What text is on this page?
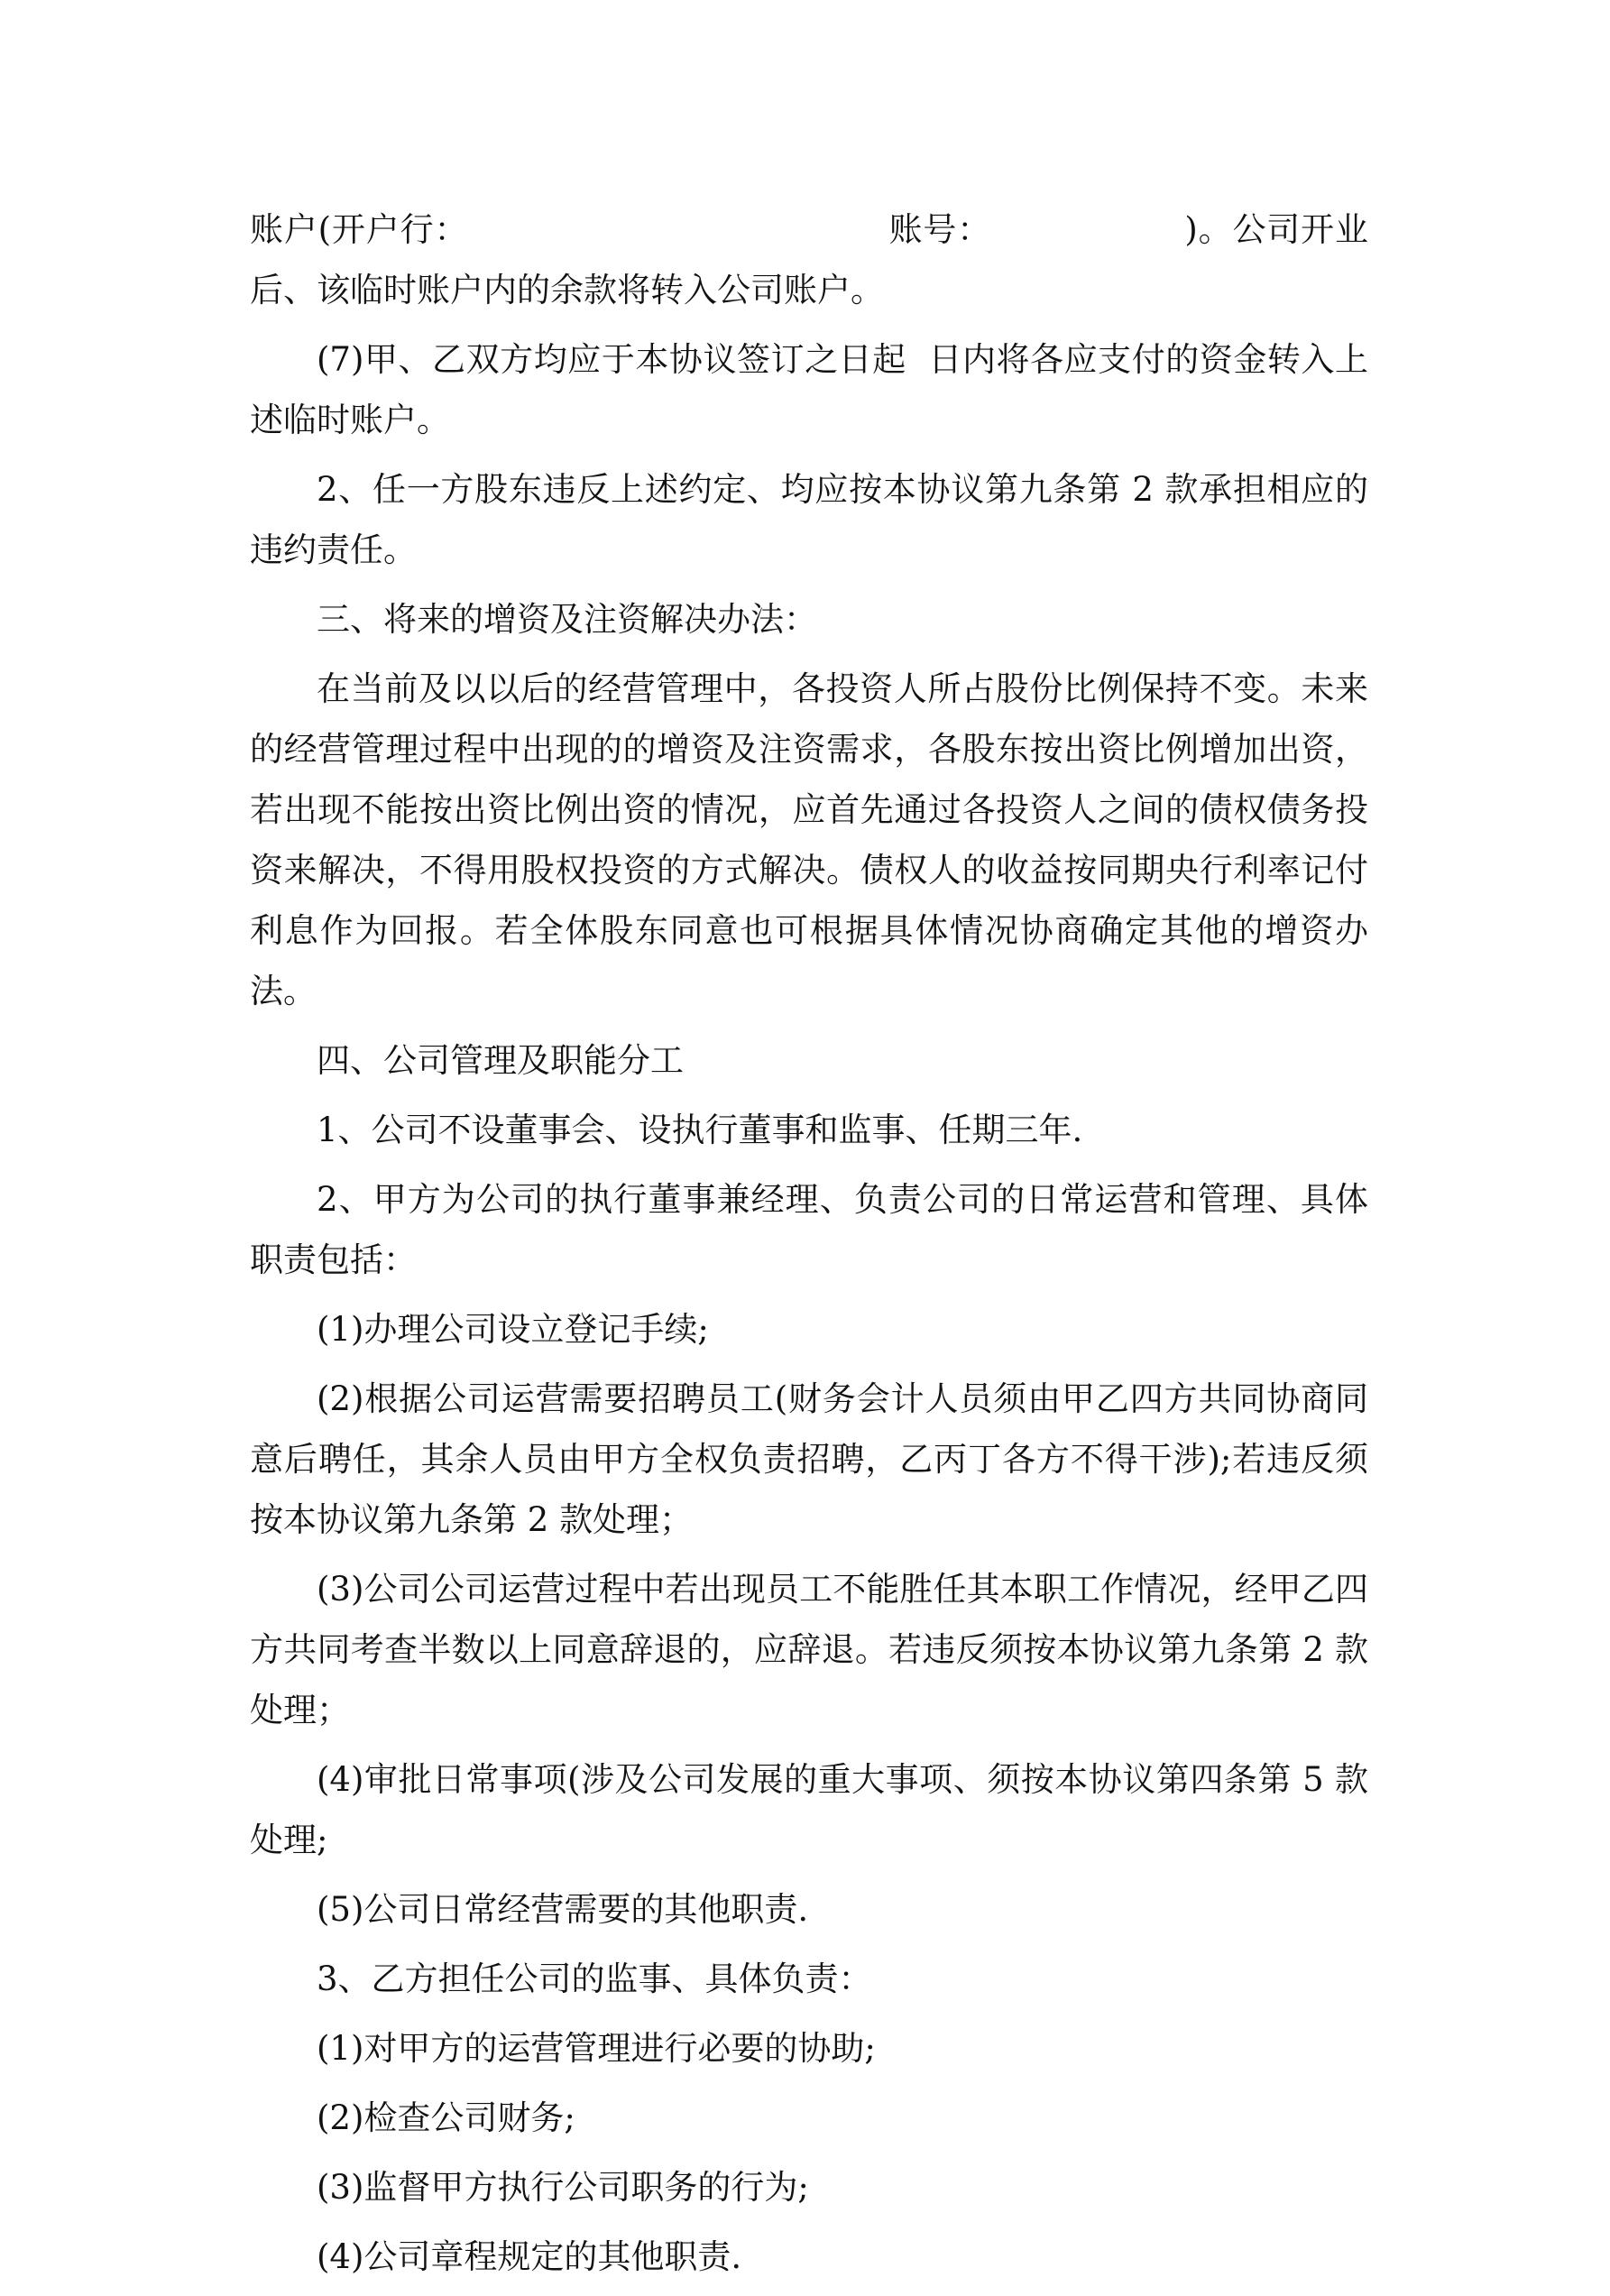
账户(开户行：                                     账号：                 )。公司开业后、该临时账户内的余款将转入公司账户。

(7)甲、乙双方均应于本协议签订之日起  日内将各应支付的资金转入上述临时账户。

2、任一方股东违反上述约定、均应按本协议第九条第 2 款承担相应的违约责任。

三、将来的增资及注资解决办法：

在当前及以以后的经营管理中，各投资人所占股份比例保持不变。未来的经营管理过程中出现的的增资及注资需求，各股东按出资比例增加出资，若出现不能按出资比例出资的情况，应首先通过各投资人之间的债权债务投资来解决，不得用股权投资的方式解决。债权人的收益按同期央行利率记付利息作为回报。若全体股东同意也可根据具体情况协商确定其他的增资办法。

四、公司管理及职能分工

1、公司不设董事会、设执行董事和监事、任期三年.

2、甲方为公司的执行董事兼经理、负责公司的日常运营和管理、具体职责包括：

(1)办理公司设立登记手续;

(2)根据公司运营需要招聘员工(财务会计人员须由甲乙四方共同协商同意后聘任，其余人员由甲方全权负责招聘，乙丙丁各方不得干涉);若违反须按本协议第九条第 2 款处理；

(3)公司公司运营过程中若出现员工不能胜任其本职工作情况，经甲乙四方共同考查半数以上同意辞退的，应辞退。若违反须按本协议第九条第 2 款处理；

(4)审批日常事项(涉及公司发展的重大事项、须按本协议第四条第 5 款处理;

(5)公司日常经营需要的其他职责.

3、乙方担任公司的监事、具体负责：

(1)对甲方的运营管理进行必要的协助;

(2)检查公司财务;

(3)监督甲方执行公司职务的行为;

(4)公司章程规定的其他职责.
